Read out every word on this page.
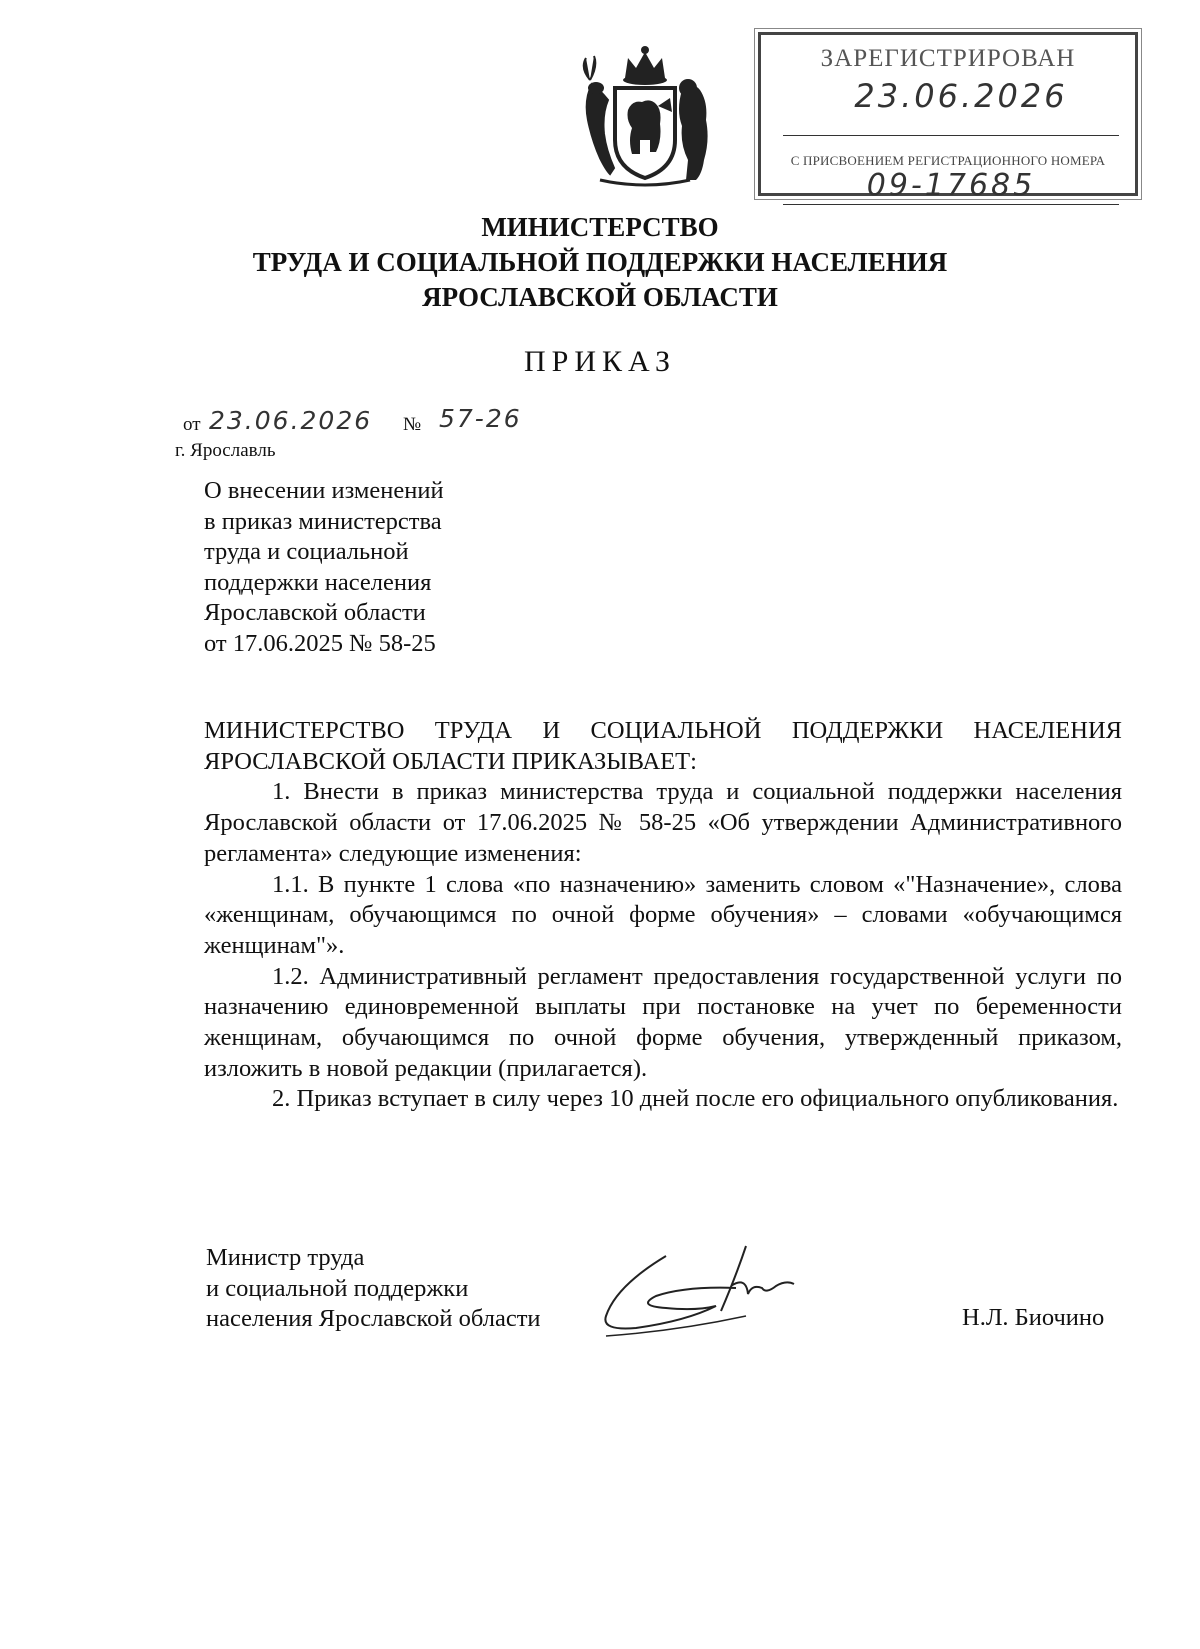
ЗАРЕГИСТРИРОВАН
23.06.2026
С ПРИСВОЕНИЕМ РЕГИСТРАЦИОННОГО НОМЕРА
09-17685
МИНИСТЕРСТВО
ТРУДА И СОЦИАЛЬНОЙ ПОДДЕРЖКИ НАСЕЛЕНИЯ
ЯРОСЛАВСКОЙ ОБЛАСТИ
ПРИКАЗ
от 23.06.2026 № 57-26
г. Ярославль
О внесении изменений
в приказ министерства
труда и социальной
поддержки населения
Ярославской области
от 17.06.2025 № 58-25

МИНИСТЕРСТВО ТРУДА И СОЦИАЛЬНОЙ ПОДДЕРЖКИ НАСЕЛЕНИЯ ЯРОСЛАВСКОЙ ОБЛАСТИ ПРИКАЗЫВАЕТ:

1. Внести в приказ министерства труда и социальной поддержки населения Ярославской области от 17.06.2025 № 58-25 «Об утверждении Административного регламента» следующие изменения:

1.1. В пункте 1 слова «по назначению» заменить словом «"Назначение», слова «женщинам, обучающимся по очной форме обучения» – словами «обучающимся женщинам"».

1.2. Административный регламент предоставления государственной услуги по назначению единовременной выплаты при постановке на учет по беременности женщинам, обучающимся по очной форме обучения, утвержденный приказом, изложить в новой редакции (прилагается).

2. Приказ вступает в силу через 10 дней после его официального опубликования.

Министр труда
и социальной поддержки
населения Ярославской области	Н.Л. Биочино
